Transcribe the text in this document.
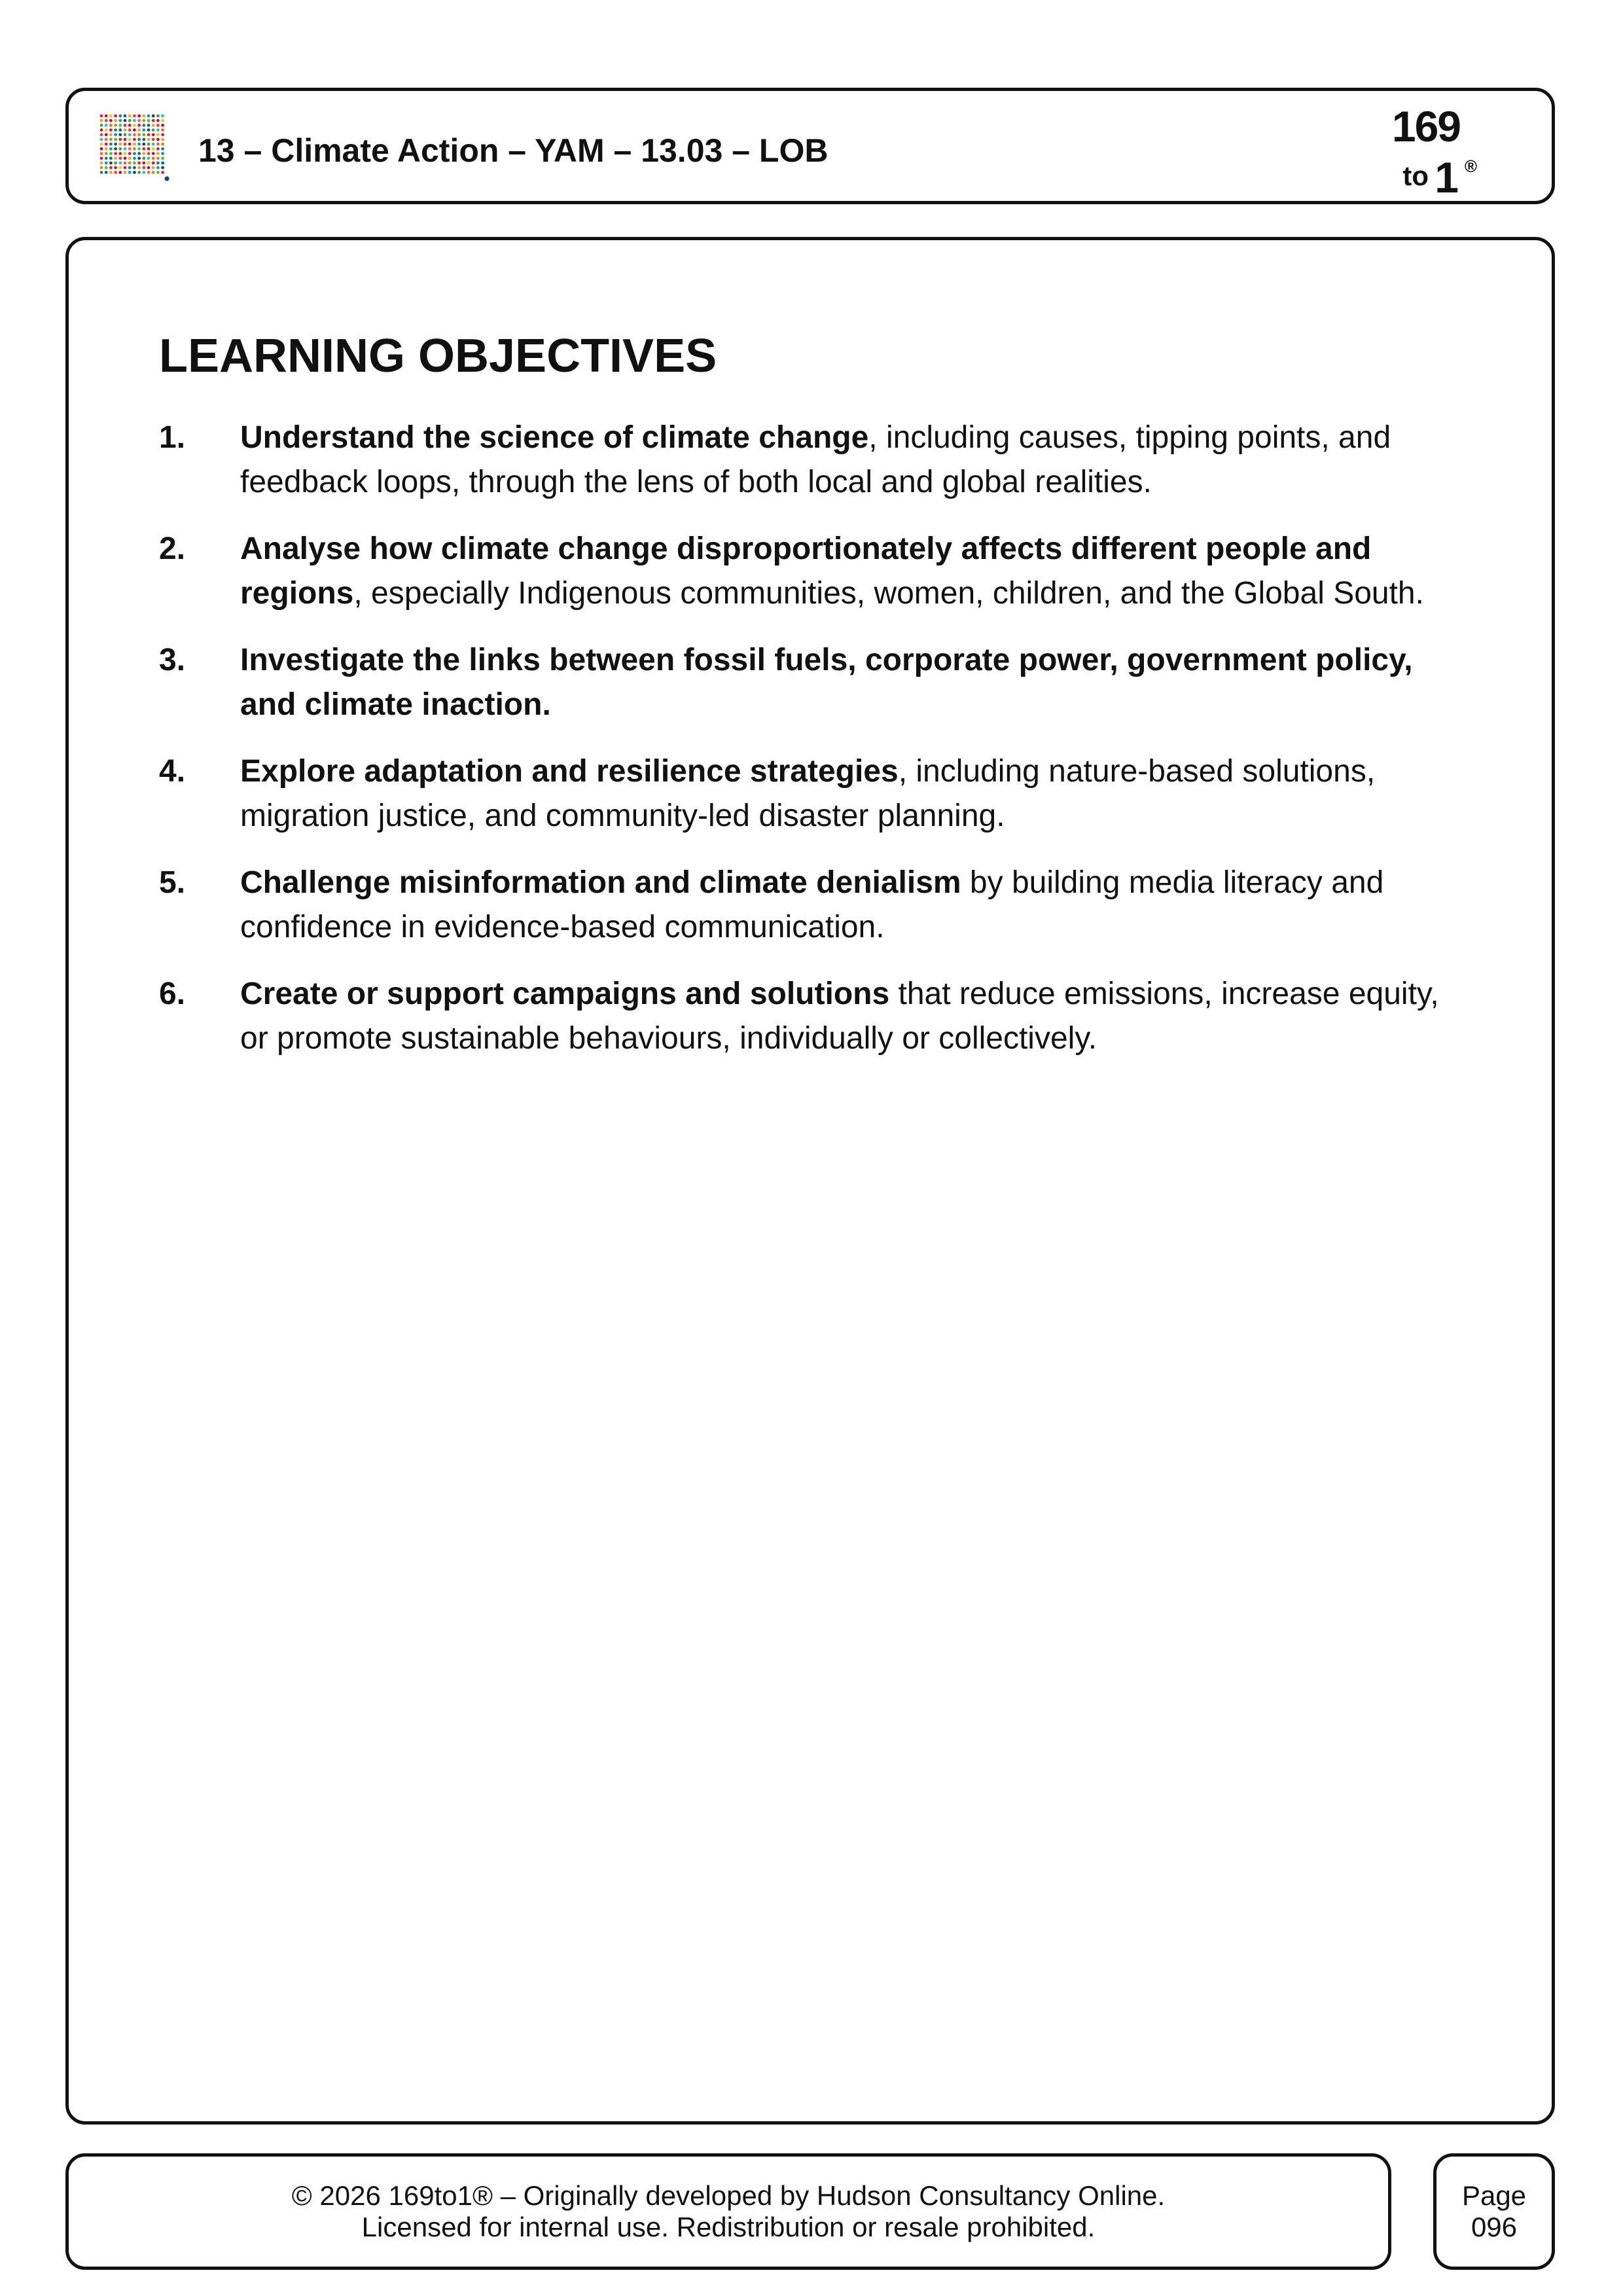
13 – Climate Action – YAM – 13.03 – LOB	169
to 1 ®
LEARNING OBJECTIVES
1. Understand the science of climate change, including causes, tipping points, and feedback loops, through the lens of both local and global realities.
2. Analyse how climate change disproportionately affects different people and regions, especially Indigenous communities, women, children, and the Global South.
3. Investigate the links between fossil fuels, corporate power, government policy, and climate inaction.
4. Explore adaptation and resilience strategies, including nature-based solutions, migration justice, and community-led disaster planning.
5. Challenge misinformation and climate denialism by building media literacy and confidence in evidence-based communication.
6. Create or support campaigns and solutions that reduce emissions, increase equity, or promote sustainable behaviours, individually or collectively.
© 2026 169to1® – Originally developed by Hudson Consultancy Online.
Licensed for internal use. Redistribution or resale prohibited.
Page
096
